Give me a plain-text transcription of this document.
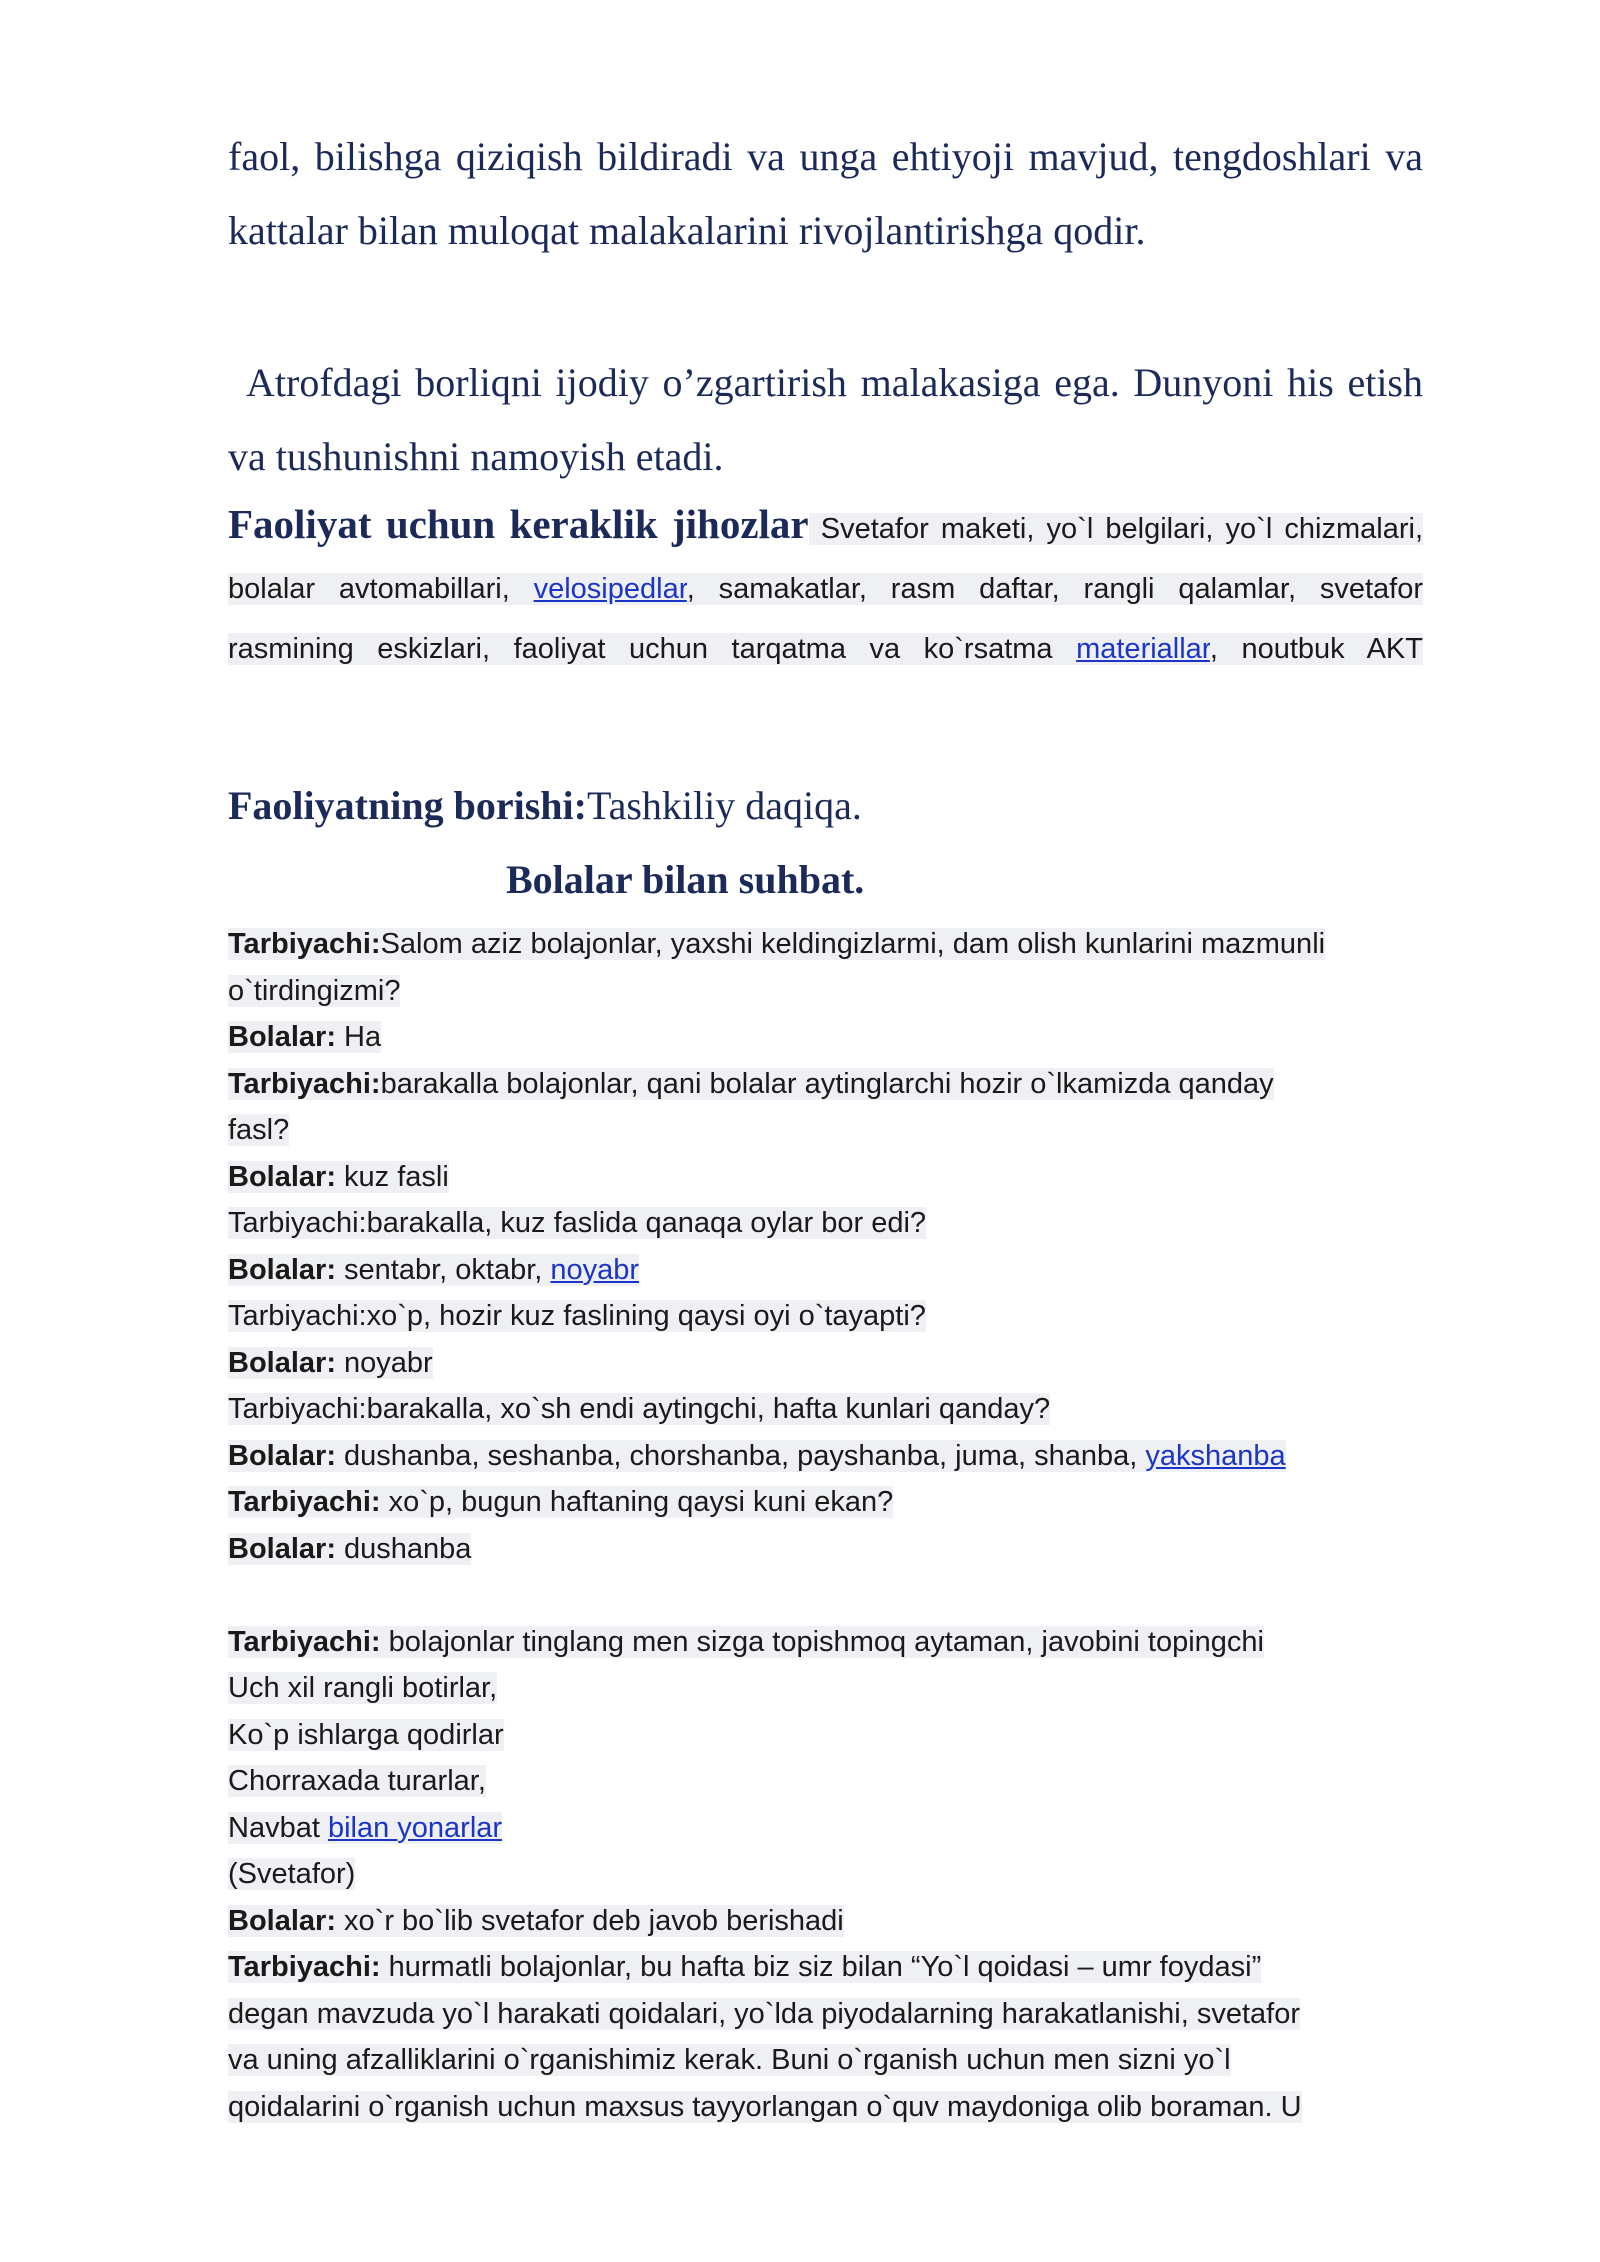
faol, bilishga qiziqish bildiradi va unga ehtiyoji mavjud, tengdoshlari va kattalar bilan muloqat malakalarini rivojlantirishga qodir.

Atrofdagi borliqni ijodiy o’zgartirish malakasiga ega. Dunyoni his etish va tushunishni namoyish etadi.

Faoliyat uchun keraklik jihozlar Svetafor maketi, yo`l belgilari, yo`l chizmalari, bolalar avtomabillari, velosipedlar, samakatlar, rasm daftar, rangli qalamlar, svetafor rasmining eskizlari, faoliyat uchun tarqatma va ko`rsatma materiallar, noutbuk AKT

Faoliyatning borishi:Tashkiliy daqiqa.

Bolalar bilan suhbat.

Tarbiyachi:Salom aziz bolajonlar, yaxshi keldingizlarmi, dam olish kunlarini mazmunli

o`tirdingizmi?

Bolalar: Ha

Tarbiyachi:barakalla bolajonlar, qani bolalar aytinglarchi hozir o`lkamizda qanday

fasl?

Bolalar: kuz fasli

Tarbiyachi:barakalla, kuz faslida qanaqa oylar bor edi?

Bolalar: sentabr, oktabr, noyabr

Tarbiyachi:xo`p, hozir kuz faslining qaysi oyi o`tayapti?

Bolalar: noyabr

Tarbiyachi:barakalla, xo`sh endi aytingchi, hafta kunlari qanday?

Bolalar: dushanba, seshanba, chorshanba, payshanba, juma, shanba, yakshanba

Tarbiyachi: xo`p, bugun haftaning qaysi kuni ekan?

Bolalar: dushanba

Tarbiyachi: bolajonlar tinglang men sizga topishmoq aytaman, javobini topingchi

Uch xil rangli botirlar,

Ko`p ishlarga qodirlar

Chorraxada turarlar,

Navbat bilan yonarlar

(Svetafor)

Bolalar: xo`r bo`lib svetafor deb javob berishadi

Tarbiyachi: hurmatli bolajonlar, bu hafta biz siz bilan “Yo`l qoidasi – umr foydasi”

degan mavzuda yo`l harakati qoidalari, yo`lda piyodalarning harakatlanishi, svetafor

va uning afzalliklarini o`rganishimiz kerak. Buni o`rganish uchun men sizni yo`l

qoidalarini o`rganish uchun maxsus tayyorlangan o`quv maydoniga olib boraman. U
